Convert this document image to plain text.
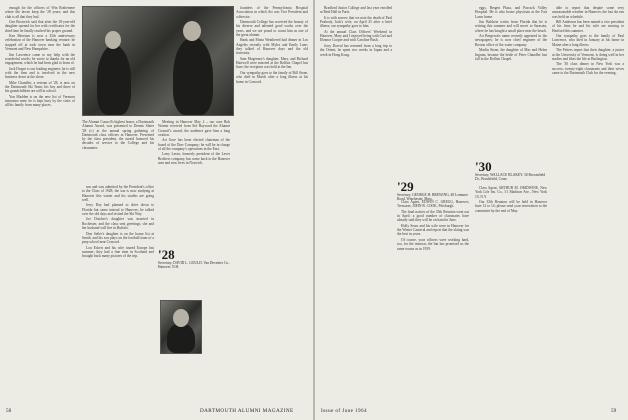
enough for the officers of Win Rothemere where the lawns keep the '28 years; and this club is all that they had.

Gen Bostwick said that after the 18-year-old daughter opened for her with certificates for the third time he finally reached his proper ground.

Ken Merriam is now a 25th anniversary celebration of the Hanover banking venture; he stopped off at each town near the bank in Vermont and New Hampshire.

Jim Lawrence came to my help with the wonderful words; he wrote to thanks for an old engagement, which he had been glad to learn of.

Jack Draper is our leading engineer; he is still with the firm and is involved in the new business down at the shore.

Mike Chandler, a veteran of '28, is now on the Dartmouth Ski Team; his boy and three of his grandchildren are still in school.

Yon Madden is on the new list of Vermont insurance men; he is kept busy by the visits of all his family from many places.

The Alumni Council's highest honor, a Dartmouth Alumni Award, was presented to Dennis Slater '28 (r.) at the annual spring gathering of Dartmouth class officers in Hanover. Presented by the class president, the award honored his decades of service to the College and his classmates.

son and was admitted by the President's office to the Class of 1928; the son is now studying at Hanover this winter and his studies are going well.

Jerry Day had planned to drive down to Florida but came instead to Hanover; he talked over the old days and visited the Ski Way.

Joe Dutcher's daughter was married in Rochester, and the class sent greetings; she and her husband will live in Buffalo.

Don Seiler's daughter is on the honor list at Smith, and his son plays on the football team of a prep school near Concord.

Lou Eckert and his wife toured Europe last summer; they had a fine time in Scotland and brought back many pictures of the trip.	'28
Secretary, DAVID L. GOULD, Van Deventer Co., Hanover, N.H.

Meeting in Hanover May 2 – our own Bob Warner received from Sid Hayward the Alumni Council's award; the audience gave him a long ovation.

Art Gore has been elected chairman of the board of the Dorr Company; he will be in charge of all the company's operations in the East.

Larry Lavin, formerly president of the Lever Brothers company, has come back to the Hanover area and now lives in Norwich.

founders of the Pennsylvania Hospital Association in which Art was Vice President and a director.

Dartmouth College has received the bounty of his diverse and talented good works over the years, and we are proud to count him as one of the great alumni.

Hank and Mona Weathered had dinner in Los Angeles recently with Myles and Emily Lane; they talked of Hanover days and the old fraternity.

Sam Mogeeney's daughter, Mary, and Richard Hartwell were married at the Rollins Chapel last June; the reception was held at the Inn.

Our sympathy goes to the family of Bill Stone, who died in March after a long illness at his home in Concord.

58	DARTMOUTH ALUMNI MAGAZINE

Bradford Junior College and last year enrolled at Reid Hall in Paris.

It is with sorrow that we note the death of Paul Peabody, Jack's wife, on April 25 after a brief illness; our sympathy goes to him.

At the annual Class Officers' Weekend in Hanover, Mary and I enjoyed being with Carl and Eleanor Cooper and with Caroline Bush.

Jerry Dorval has returned from a long trip to the Orient; he spent two weeks in Japan and a week in Hong Kong.

'29
Secretary, GEORGE H. BREWING, 48 Lenmore Road, Winchester, Mass.

Class Agent, EDWIN C. GREGG, Hanover; Treasurer, JOHN B. COOK, Pittsburgh.

The final notices of the 35th Reunion went out in April; a good number of classmates have already said they will be on hand in June.

Holly Sears and his wife were in Hanover for the Winter Carnival and report that the skiing was the best in years.

Of course, your officers were working hard, too, for the reunion; the Inn has promised us the same rooms as in 1959.

eggs, Bergen Plaza, and Pascack Valley Hospital. He is also house physician at the Fair Lawn home.

Jim Baldwin writes from Florida that he is retiring this summer and will move to Sarasota, where he has bought a small place near the beach.

Art Bergeron's name recently appeared in the newspapers; he is now chief engineer of the Boston office of the water company.

Marlin Stone, the daughter of Mac and Helen Ingram, became the bride of Peter Chandler last fall in the Rollins Chapel.

'30
Secretary, WALLACE BLAKEY, 30 Broomfield Dr., Brookfield, Conn.

Class Agent, ARTHUR M. ORIDWINE, New York Life Ins. Co., 51 Madison Ave., New York 10, N.Y.

Our 35th Reunion will be held in Hanover June 12 to 14; please send your reservation to the committee by the end of May.

able to report that despite some very unseasonable weather in Hanover, the last ski run was held on schedule.

Bill Anderson has been named a vice president of his firm; he and his wife are moving to Hartford this summer.

Our sympathy goes to the family of Paul Lawrence, who died in January at his home in Maine after a long illness.

The Fetters report that their daughter, a junior at the University of Vermont, is doing well in her studies and likes the life at Burlington.

The '30 class dinner in New York was a success; twenty-eight classmates and their wives came to the Dartmouth Club for the evening.

Issue of June 1964	59
